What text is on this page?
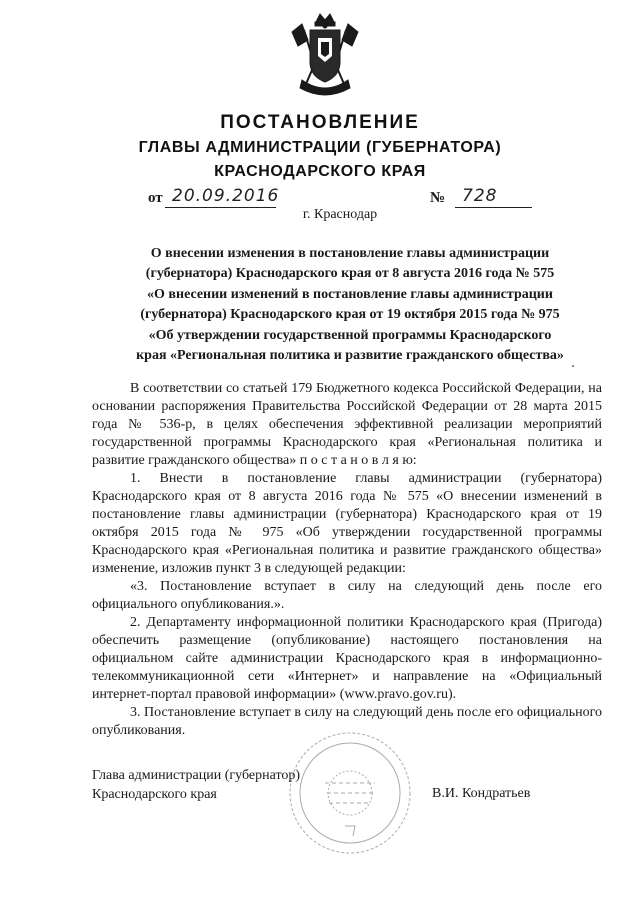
ПОСТАНОВЛЕНИЕ
ГЛАВЫ АДМИНИСТРАЦИИ (ГУБЕРНАТОРА)
КРАСНОДАРСКОГО КРАЯ
от 20.09.2016	№ 728
г. Краснодар
О внесении изменения в постановление главы администрации
(губернатора) Краснодарского края от 8 августа 2016 года № 575
«О внесении изменений в постановление главы администрации
(губернатора) Краснодарского края от 19 октября 2015 года № 975
«Об утверждении государственной программы Краснодарского
края «Региональная политика и развитие гражданского общества»

В соответствии со статьей 179 Бюджетного кодекса Российской Федерации, на основании распоряжения Правительства Российской Федерации от 28 марта 2015 года № 536-р, в целях обеспечения эффективной реализации мероприятий государственной программы Краснодарского края «Региональная политика и развитие гражданского общества» п о с т а н о в л я ю:

1. Внести в постановление главы администрации (губернатора) Краснодарского края от 8 августа 2016 года № 575 «О внесении изменений в постановление главы администрации (губернатора) Краснодарского края от 19 октября 2015 года № 975 «Об утверждении государственной программы Краснодарского края «Региональная политика и развитие гражданского общества» изменение, изложив пункт 3 в следующей редакции:

«3. Постановление вступает в силу на следующий день после его официального опубликования.».

2. Департаменту информационной политики Краснодарского края (Пригода) обеспечить размещение (опубликование) настоящего постановления на официальном сайте администрации Краснодарского края в информационно-телекоммуникационной сети «Интернет» и направление на «Официальный интернет-портал правовой информации» (www.pravo.gov.ru).

3. Постановление вступает в силу на следующий день после его официального опубликования.

Глава администрации (губернатор)
Краснодарского края	В.И. Кондратьев
